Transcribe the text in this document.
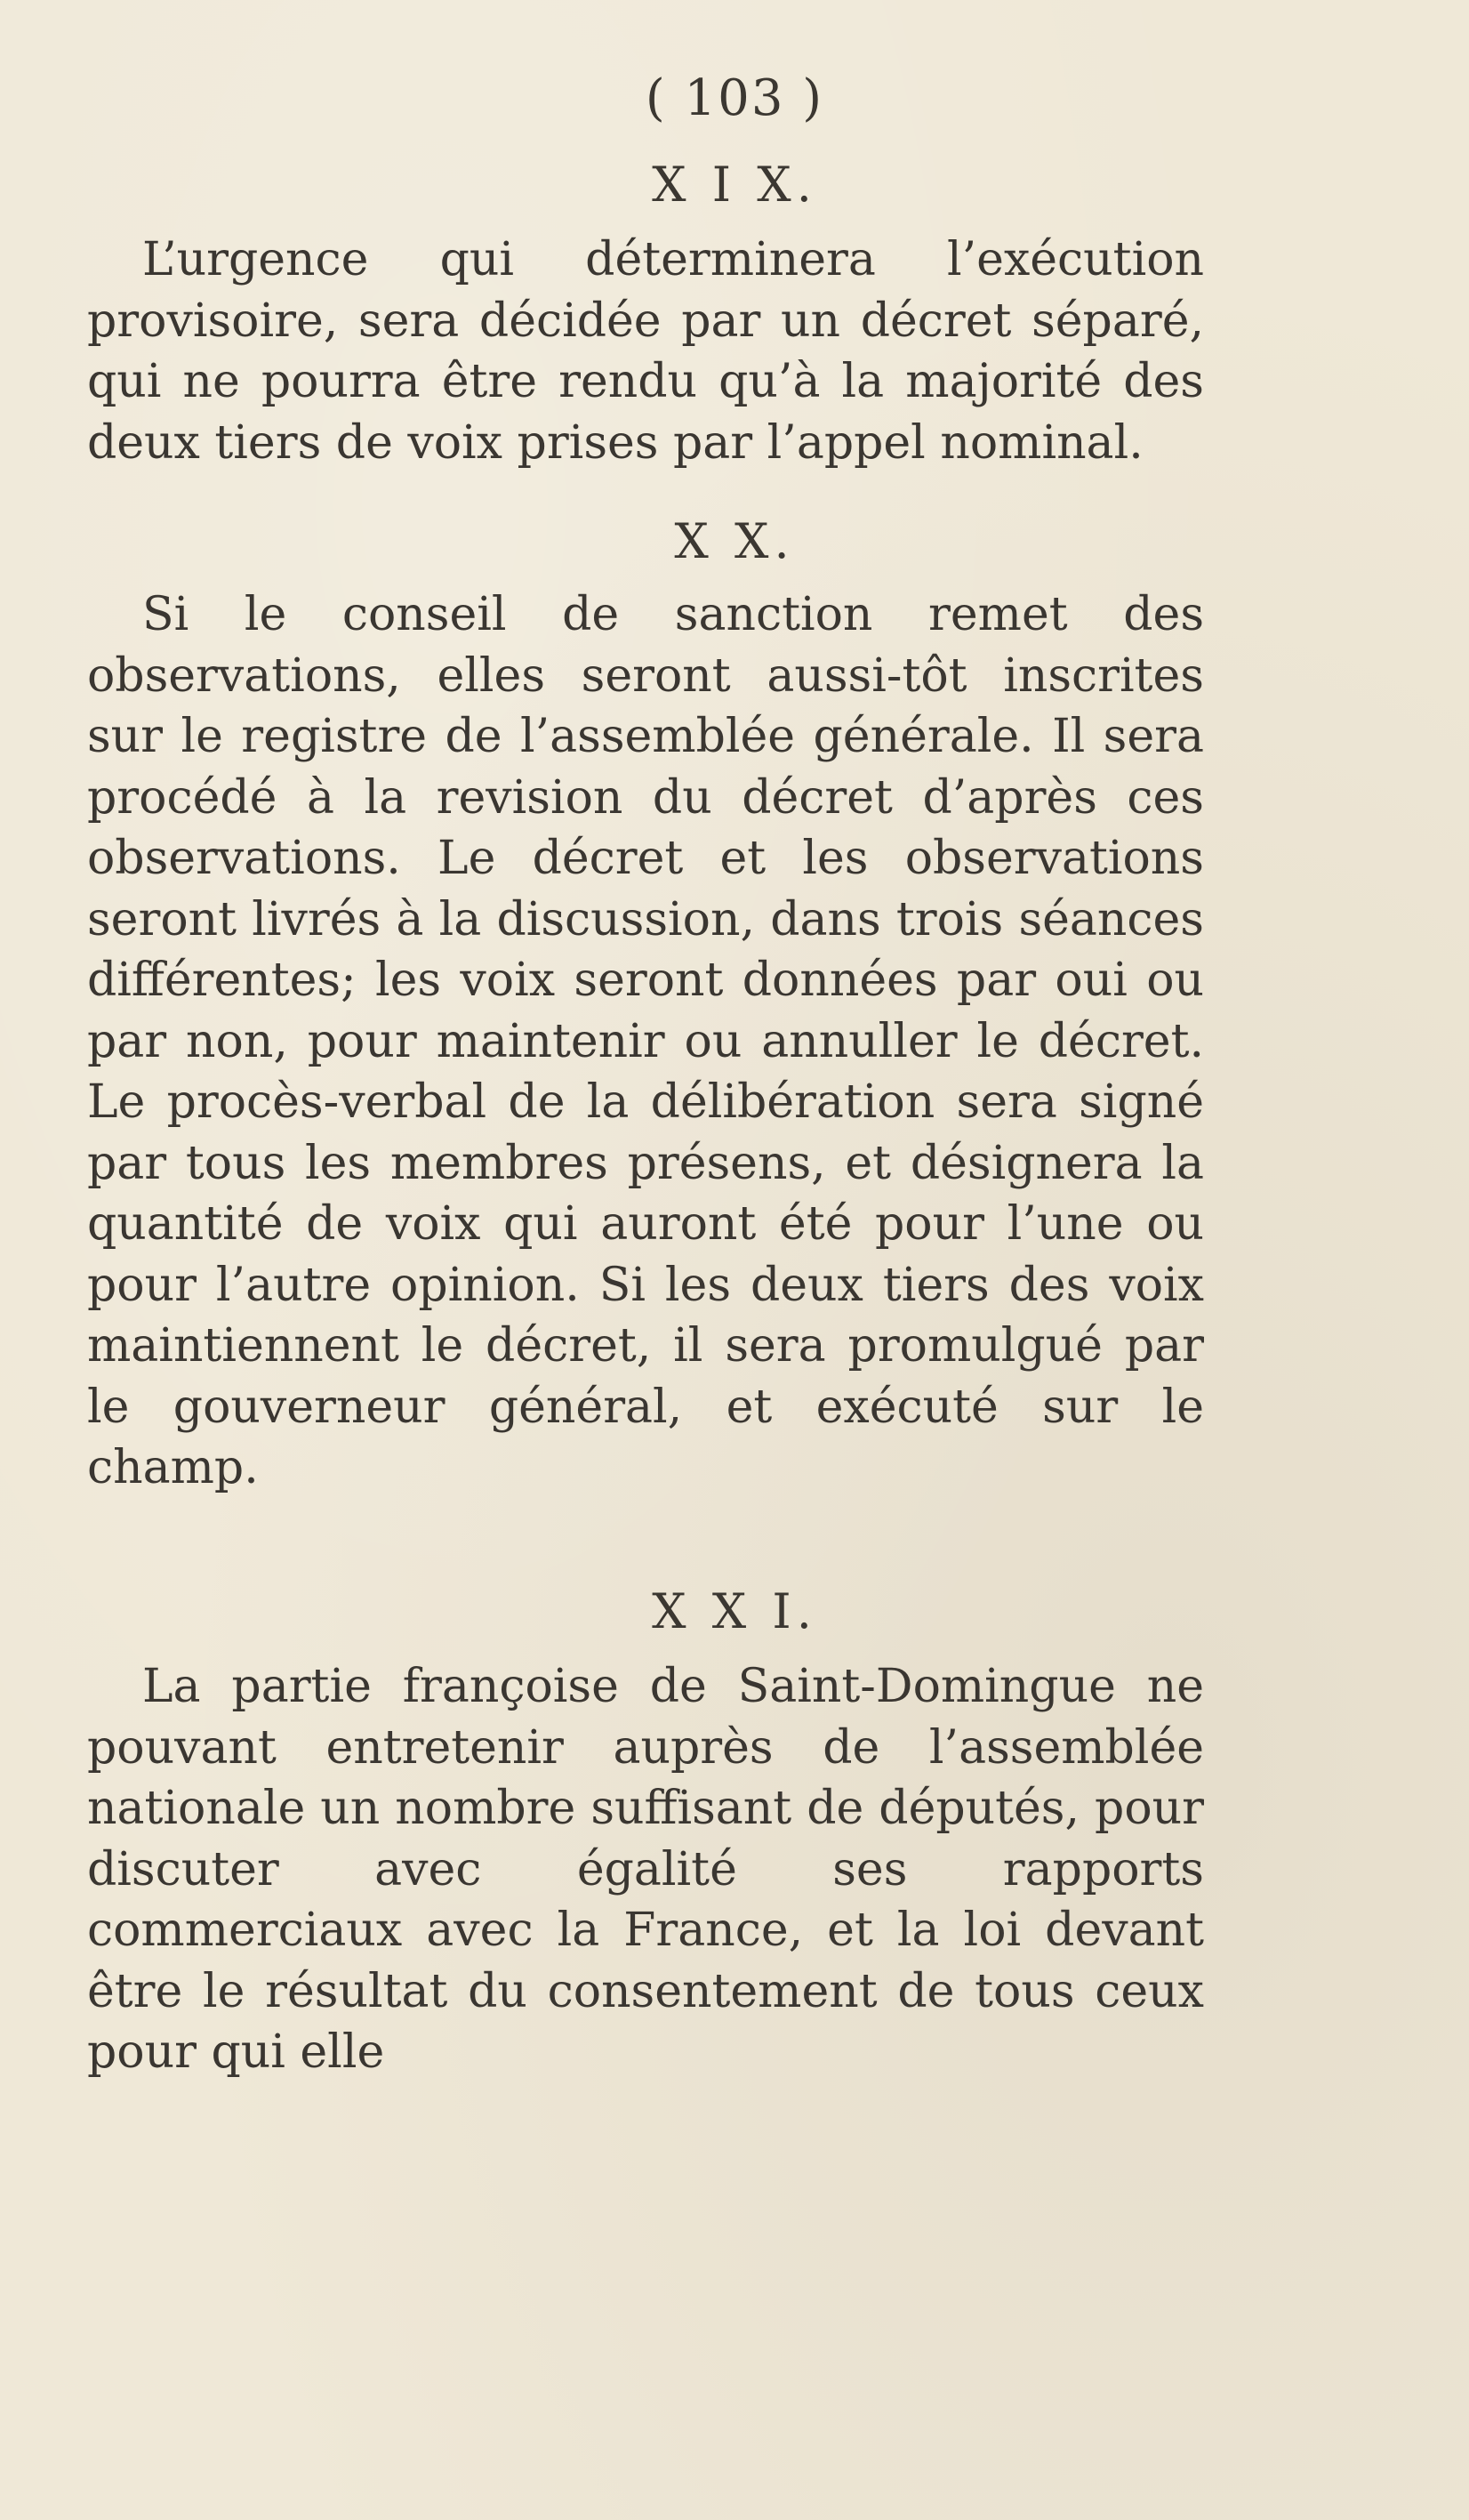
( 103 )
X I X.
L’urgence qui déterminera l’exécution provisoire, sera décidée par un décret séparé, qui ne pourra être rendu qu’à la majorité des deux tiers de voix prises par l’appel nominal.
X X.
Si le conseil de sanction remet des observations, elles seront aussi-tôt inscrites sur le registre de l’assemblée générale. Il sera procédé à la revision du décret d’après ces observations. Le décret et les observations seront livrés à la discussion, dans trois séances différentes; les voix seront données par oui ou par non, pour maintenir ou annuller le décret. Le procès-verbal de la délibération sera signé par tous les membres présens, et désignera la quantité de voix qui auront été pour l’une ou pour l’autre opinion. Si les deux tiers des voix maintiennent le décret, il sera promulgué par le gouverneur général, et exécuté sur le champ.
X X I.
La partie françoise de Saint-Domingue ne pouvant entretenir auprès de l’assemblée nationale un nombre suffisant de députés, pour discuter avec égalité ses rapports commerciaux avec la France, et la loi devant être le résultat du consentement de tous ceux pour qui elle
